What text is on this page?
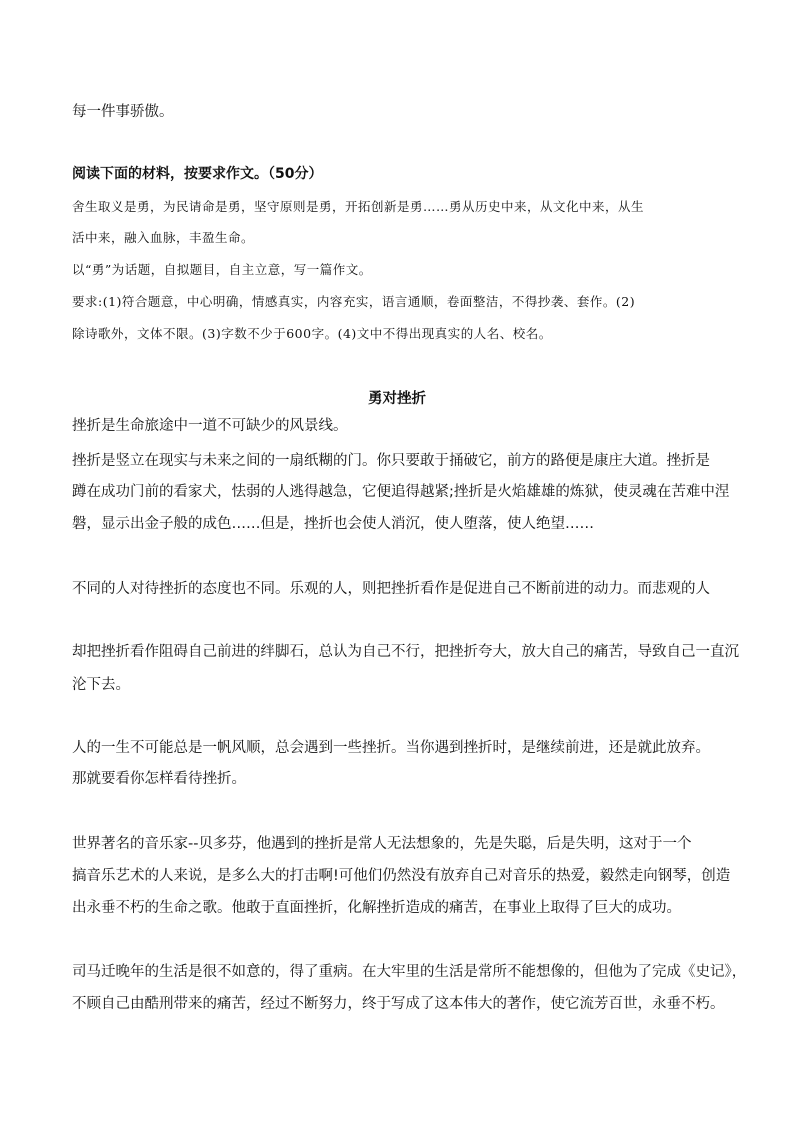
每一件事骄傲。
阅读下面的材料，按要求作文。（50分）
舍生取义是勇，为民请命是勇，坚守原则是勇，开拓创新是勇……勇从历史中来，从文化中来，从生
活中来，融入血脉，丰盈生命。
以“勇”为话题，自拟题目，自主立意，写一篇作文。
要求:(1)符合题意，中心明确，情感真实，内容充实，语言通顺，卷面整洁，不得抄袭、套作。(2)
除诗歌外，文体不限。(3)字数不少于600字。(4)文中不得出现真实的人名、校名。
勇对挫折
挫折是生命旅途中一道不可缺少的风景线。
挫折是竖立在现实与未来之间的一扇纸糊的门。你只要敢于捅破它，前方的路便是康庄大道。挫折是
蹲在成功门前的看家犬，怯弱的人逃得越急，它便追得越紧;挫折是火焰雄雄的炼狱，使灵魂在苦难中涅
磐，显示出金子般的成色……但是，挫折也会使人消沉，使人堕落，使人绝望……
不同的人对待挫折的态度也不同。乐观的人，则把挫折看作是促进自己不断前进的动力。而悲观的人
却把挫折看作阻碍自己前进的绊脚石，总认为自己不行，把挫折夸大，放大自己的痛苦，导致自己一直沉
沦下去。
人的一生不可能总是一帆风顺，总会遇到一些挫折。当你遇到挫折时，是继续前进，还是就此放弃。
那就要看你怎样看待挫折。
世界著名的音乐家--贝多芬，他遇到的挫折是常人无法想象的，先是失聪，后是失明，这对于一个
搞音乐艺术的人来说，是多么大的打击啊!可他们仍然没有放弃自己对音乐的热爱，毅然走向钢琴，创造
出永垂不朽的生命之歌。他敢于直面挫折，化解挫折造成的痛苦，在事业上取得了巨大的成功。
司马迁晚年的生活是很不如意的，得了重病。在大牢里的生活是常所不能想像的，但他为了完成《史记》，
不顾自己由酷刑带来的痛苦，经过不断努力，终于写成了这本伟大的著作，使它流芳百世，永垂不朽。
